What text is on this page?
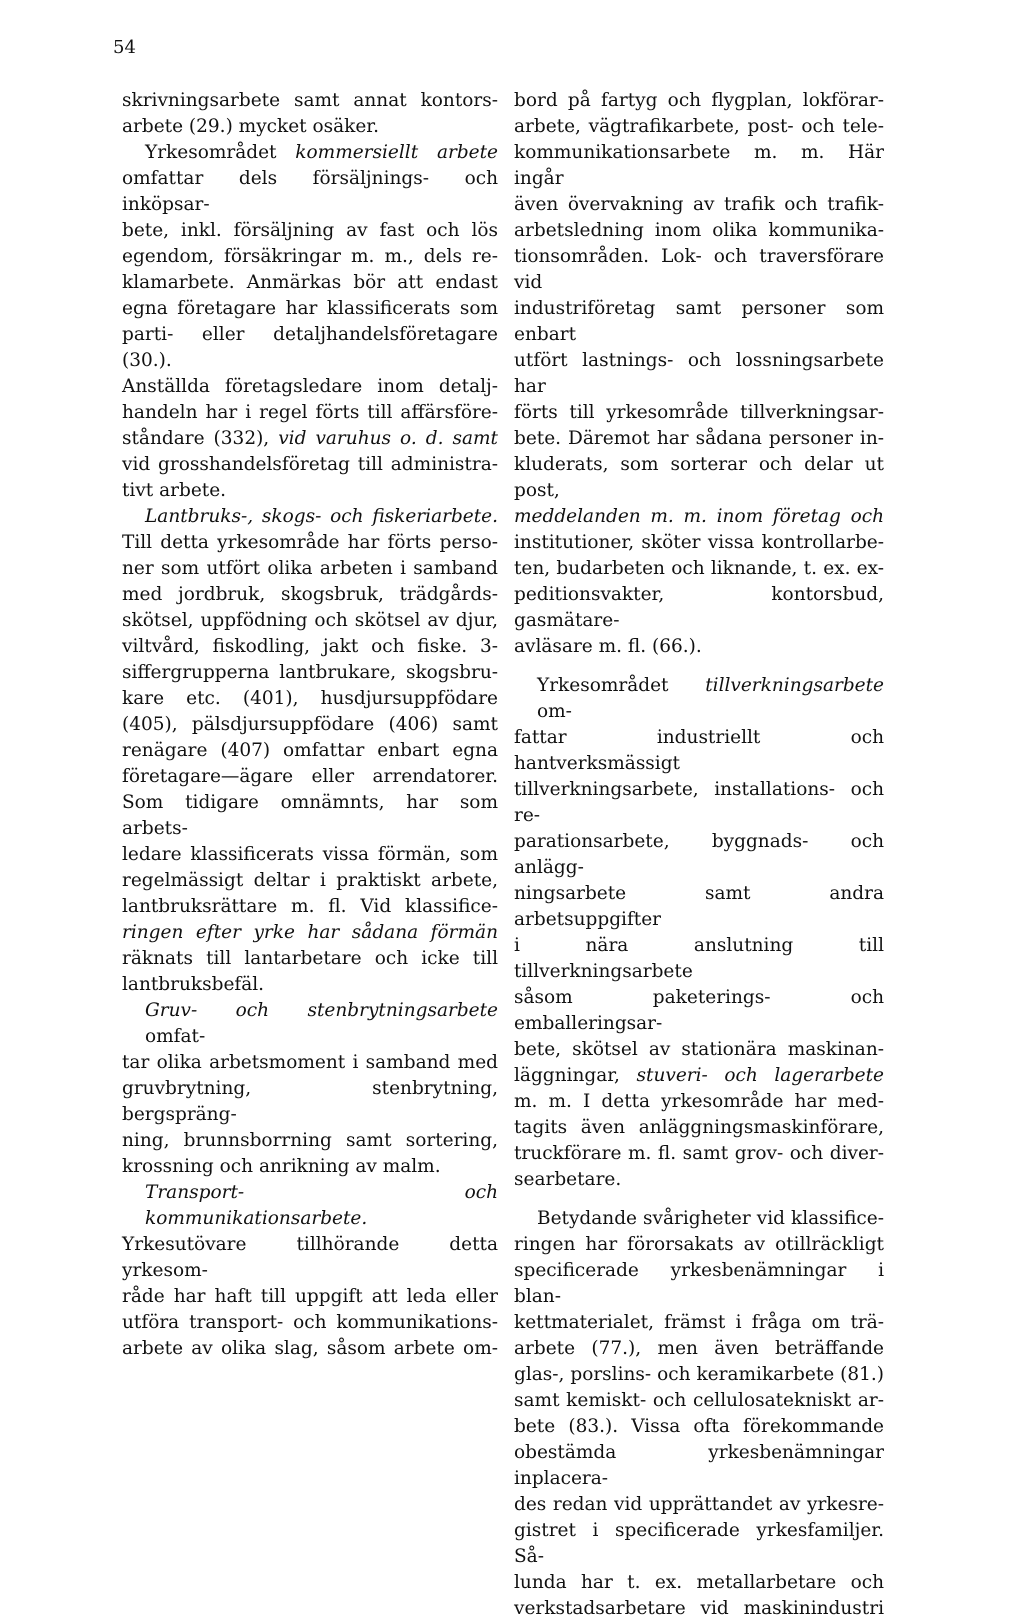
54
skrivningsarbete samt annat kontors-
arbete (29.) mycket osäker.
Yrkesområdet kommersiellt arbete
omfattar dels försäljnings- och inköpsar-
bete, inkl. försäljning av fast och lös
egendom, försäkringar m. m., dels re-
klamarbete. Anmärkas bör att endast
egna företagare har klassificerats som
parti- eller detaljhandelsföretagare (30.).
Anställda företagsledare inom detalj-
handeln har i regel förts till affärsföre-
ståndare (332), vid varuhus o. d. samt
vid grosshandelsföretag till administra-
tivt arbete.
Lantbruks-, skogs- och fiskeriarbete.
Till detta yrkesområde har förts perso-
ner som utfört olika arbeten i samband
med jordbruk, skogsbruk, trädgårds-
skötsel, uppfödning och skötsel av djur,
viltvård, fiskodling, jakt och fiske. 3-
siffergrupperna lantbrukare, skogsbru-
kare etc. (401), husdjursuppfödare
(405), pälsdjursuppfödare (406) samt
renägare (407) omfattar enbart egna
företagare—ägare eller arrendatorer.
Som tidigare omnämnts, har som arbets-
ledare klassificerats vissa förmän, som
regelmässigt deltar i praktiskt arbete,
lantbruksrättare m. fl. Vid klassifice-
ringen efter yrke har sådana förmän
räknats till lantarbetare och icke till
lantbruksbefäl.
Gruv- och stenbrytningsarbete omfat-
tar olika arbetsmoment i samband med
gruvbrytning, stenbrytning, bergspräng-
ning, brunnsborrning samt sortering,
krossning och anrikning av malm.
Transport- och kommunikationsarbete.
Yrkesutövare tillhörande detta yrkesom-
råde har haft till uppgift att leda eller
utföra transport- och kommunikations-
arbete av olika slag, såsom arbete om-
bord på fartyg och flygplan, lokförar-
arbete, vägtrafikarbete, post- och tele-
kommunikationsarbete m. m. Här ingår
även övervakning av trafik och trafik-
arbetsledning inom olika kommunika-
tionsområden. Lok- och traversförare vid
industriföretag samt personer som enbart
utfört lastnings- och lossningsarbete har
förts till yrkesområde tillverkningsar-
bete. Däremot har sådana personer in-
kluderats, som sorterar och delar ut post,
meddelanden m. m. inom företag och
institutioner, sköter vissa kontrollarbe-
ten, budarbeten och liknande, t. ex. ex-
peditionsvakter, kontorsbud, gasmätare-
avläsare m. fl. (66.).
Yrkesområdet tillverkningsarbete om-
fattar industriellt och hantverksmässigt
tillverkningsarbete, installations- och re-
parationsarbete, byggnads- och anlägg-
ningsarbete samt andra arbetsuppgifter
i nära anslutning till tillverkningsarbete
såsom paketerings- och emballeringsar-
bete, skötsel av stationära maskinan-
läggningar, stuveri- och lagerarbete
m. m. I detta yrkesområde har med-
tagits även anläggningsmaskinförare,
truckförare m. fl. samt grov- och diver-
searbetare.
Betydande svårigheter vid klassifice-
ringen har förorsakats av otillräckligt
specificerade yrkesbenämningar i blan-
kettmaterialet, främst i fråga om trä-
arbete (77.), men även beträffande
glas-, porslins- och keramikarbete (81.)
samt kemiskt- och cellulosatekniskt ar-
bete (83.). Vissa ofta förekommande
obestämda yrkesbenämningar inplacera-
des redan vid upprättandet av yrkesre-
gistret i specificerade yrkesfamiljer. Så-
lunda har t. ex. metallarbetare och
verkstadsarbetare vid maskinindustri
